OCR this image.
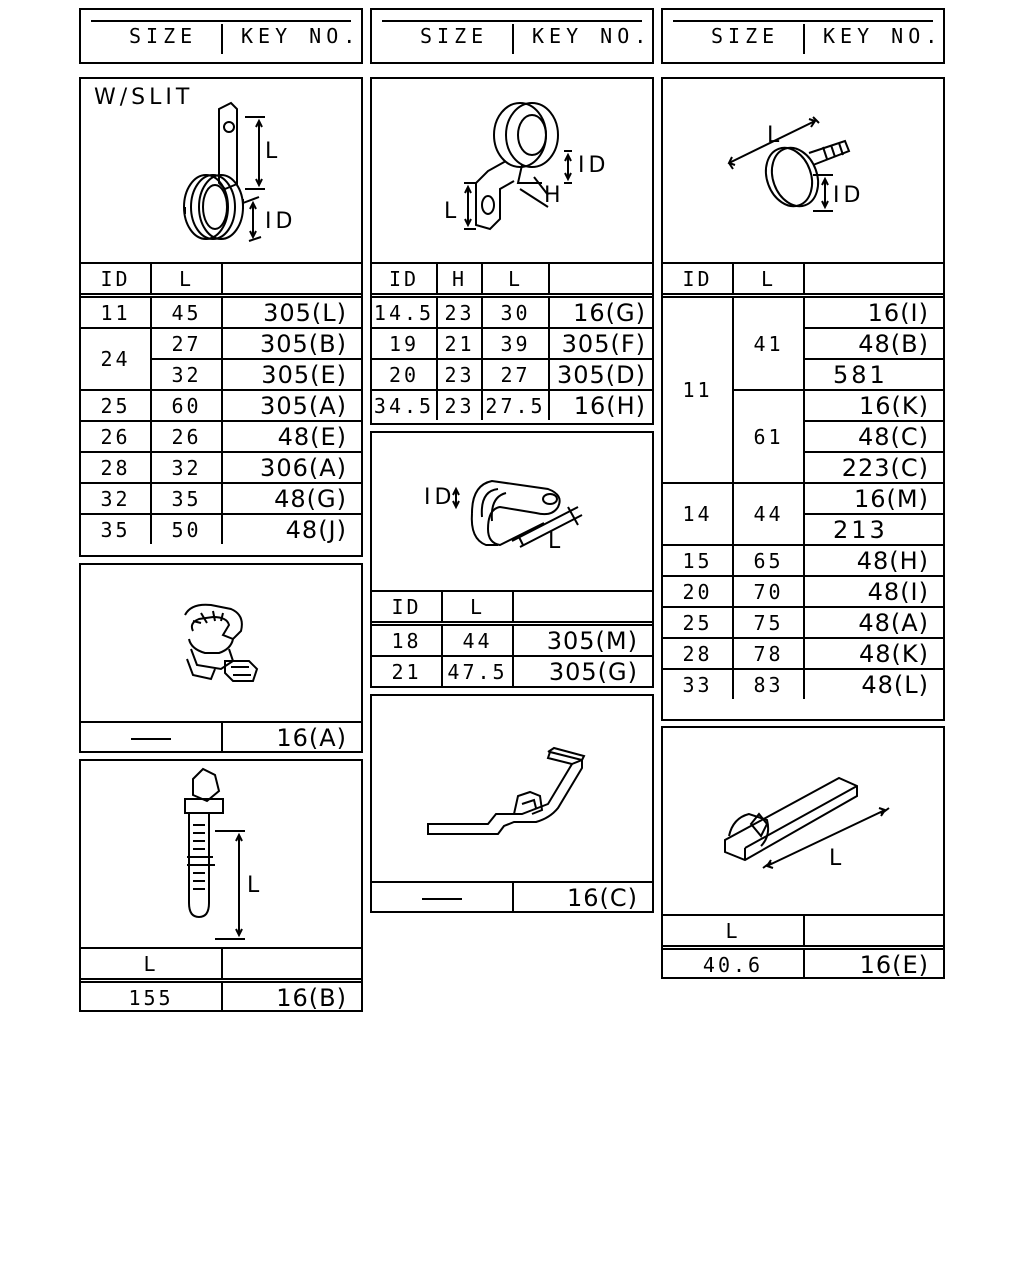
SIZE KEY NO.	SIZE KEY NO.	SIZE KEY NO.
W/SLIT
L
ID
ID	L	
11	45	305(L)
24	27	305(B)
	32	305(E)
25	60	305(A)
26	26	48(E)
28	32	306(A)
32	35	48(G)
35	50	48(J)
	16(A)
L
L	
155	16(B)
ID
H
L
ID	H	L	
14.5	23	30	16(G)
19	21	39	305(F)
20	23	27	305(D)
34.5	23	27.5	16(H)
ID
L
ID	L	
18	44	305(M)
21	47.5	305(G)
	16(C)
L
ID
ID	L	
11	41	16(I)
		48(B)
		581
	61	16(K)
		48(C)
		223(C)
14	44	16(M)
		213
15	65	48(H)
20	70	48(I)
25	75	48(A)
28	78	48(K)
33	83	48(L)
L
L	
40.6	16(E)
